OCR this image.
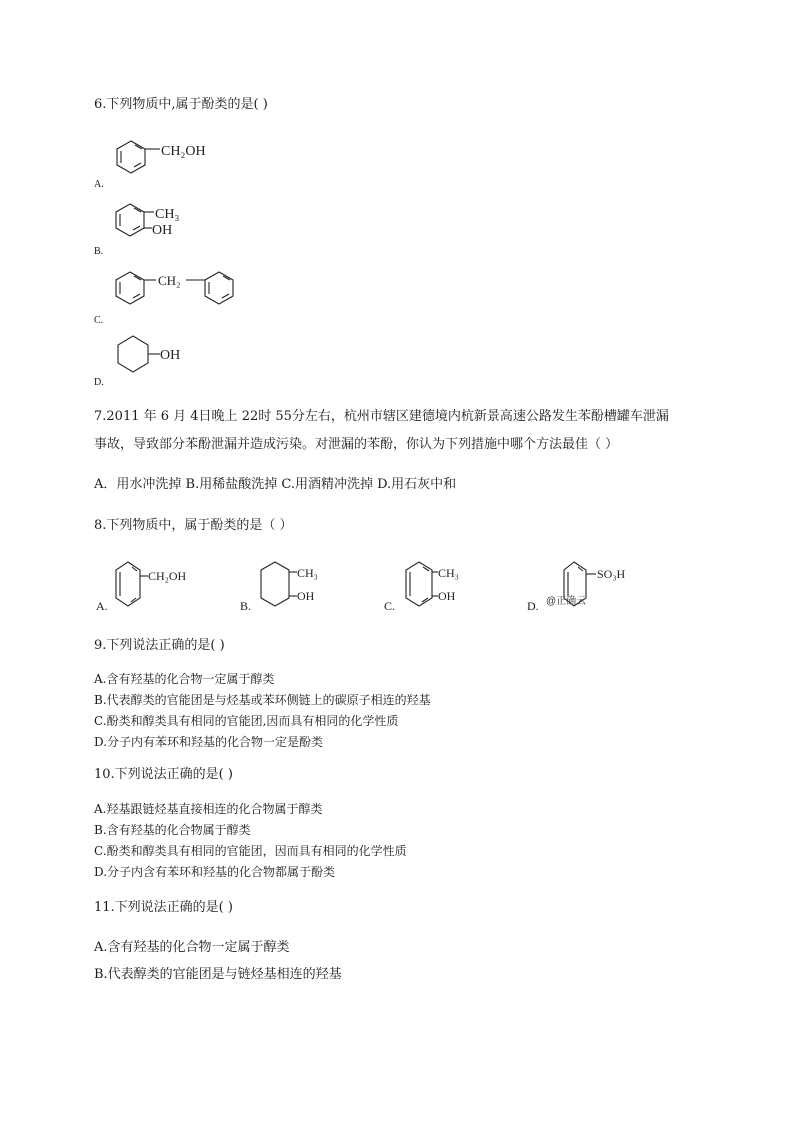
6.下列物质中,属于酚类的是( )
CH₂OH
A.
CH₃
OH
B.
CH₂
C.
OH
D.
7.2011 年 6 月 4日晚上 22时 55分左右，杭州市辖区建德境内杭新景高速公路发生苯酚槽罐车泄漏
事故，导致部分苯酚泄漏并造成污染。对泄漏的苯酚，你认为下列措施中哪个方法最佳（ ）
A．用水冲洗掉 B.用稀盐酸洗掉 C.用酒精冲洗掉 D.用石灰中和
8.下列物质中，属于酚类的是（ ）
A.
CH₂OH
B.
CH₃
OH
C.
CH₃
OH
D.
SO₃H
@正确云
9.下列说法正确的是( )
A.含有羟基的化合物一定属于醇类
B.代表醇类的官能团是与烃基或苯环侧链上的碳原子相连的羟基
C.酚类和醇类具有相同的官能团,因而具有相同的化学性质
D.分子内有苯环和羟基的化合物一定是酚类
10.下列说法正确的是( )
A.羟基跟链烃基直接相连的化合物属于醇类
B.含有羟基的化合物属于醇类
C.酚类和醇类具有相同的官能团，因而具有相同的化学性质
D.分子内含有苯环和羟基的化合物都属于酚类
11.下列说法正确的是( )
A.含有羟基的化合物一定属于醇类
B.代表醇类的官能团是与链烃基相连的羟基
